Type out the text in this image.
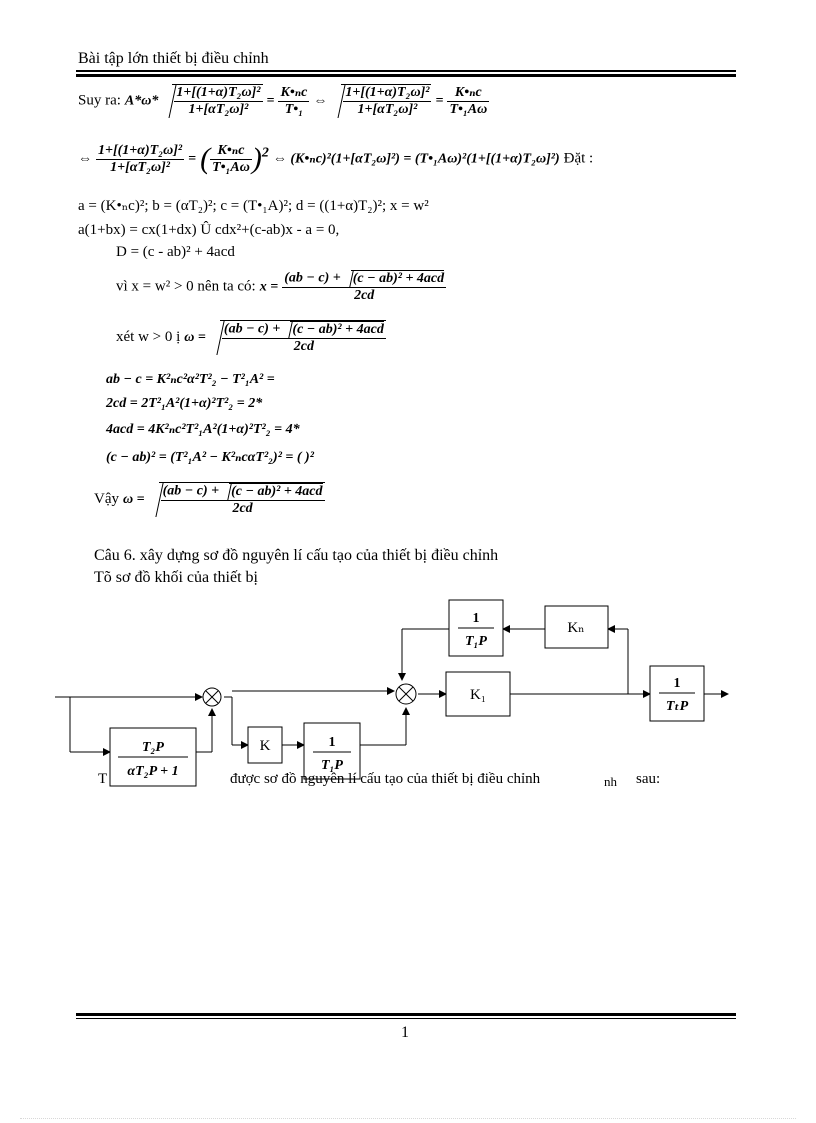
Bài tập lớn thiết bị điều chỉnh
Suy ra: $A*\omega* \frac{\text{1+[(1+α)T₂ω]²}}{\text{1+[αT₂ω]²}} = \frac{\text{K•ₙc}}{\text{T•₁}}$ ⇔ $\frac{\text{1+[(1+α)T₂ω]²}}{\text{1+[αT₂ω]²}} = \frac{\text{K•ₙc}}{\text{T•₁Aω}}$
⇔ $\frac{\text{1+[(1+α)T₂ω]²}}{\text{1+[αT₂ω]²}}$ = ( $\frac{\text{K•ₙc}}{\text{T•₁Aω}} )^2$ ⇔ (K•ₙc)²(1+[αT₂ω]²) = (T•₁Aω)²(1+[(1+α)T₂ω]²) Đặt :
a = (K•ₙc)²; b = (αT₂)²; c = (T•₁A)²; d = ((1+α)T₂)²; x = w²
a(1+bx) = cx(1+dx) Û cdx²+(c-ab)x - a = 0,
D = (c - ab)² + 4acd
vì x = w² > 0 nên ta có: $x = \frac{\text{(ab − c) + (c − ab)² + 4acd}}{2cd}$
xét w > 0 ị $\omega = \frac{\text{(ab − c) + (c − ab)² + 4acd}}{2cd}$
ab − c = K²ₙc²α²T²₂ − T²₁A² =
2cd = 2T²₁A²(1+α)²T²₂ = 2*
4acd = 4K²ₙc²T²₁A²(1+α)²T²₂ = 4*
(c − ab)² = (T²₁A² − K²ₙcαT²₂)² = ( )²
Vậy $\omega = \frac{\text{(ab − c) + (c − ab)² + 4acd}}{2cd}$
Câu 6. xây dựng sơ đồ nguyên lí cấu tạo của thiết bị điều chỉnh
Tõ sơ đồ khối của thiết bị
1
T₁P
Kₙ
K₁
1
TₜP
K	1
T₁P
T₂P
αT₂P + 1
T	được sơ đồ nguyên lí cấu tạo của thiết bị điều chỉnh	nh sau:
1
